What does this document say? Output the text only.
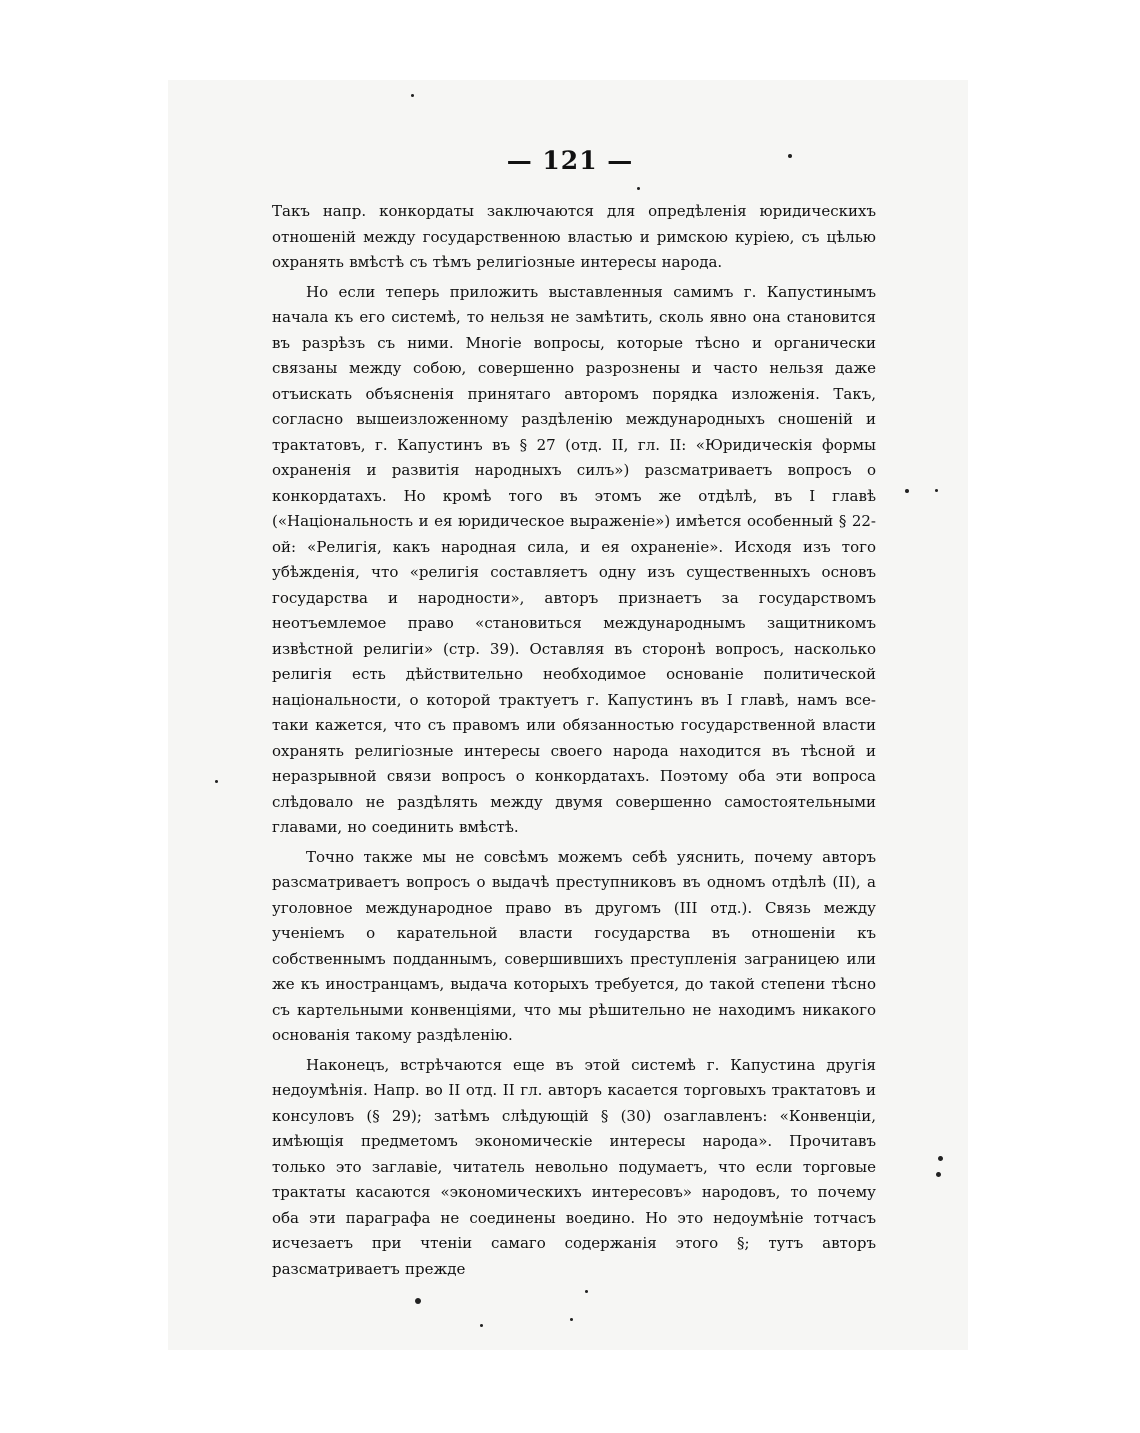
— 121 —

Такъ напр. конкордаты заключаются для опредѣленія юридическихъ отношеній между государственною властью и римскою куріею, съ цѣлью охранять вмѣстѣ съ тѣмъ религіозные интересы народа.

Но если теперь приложить выставленныя самимъ г. Капустинымъ начала къ его системѣ, то нельзя не замѣтить, сколь явно она становится въ разрѣзъ съ ними. Многіе вопросы, которые тѣсно и органически связаны между собою, совершенно разрознены и часто нельзя даже отъискать объясненія принятаго авторомъ порядка изложенія. Такъ, согласно вышеизложенному раздѣленію международныхъ сношеній и трактатовъ, г. Капустинъ въ § 27 (отд. II, гл. II: «Юридическія формы охраненія и развитія народныхъ силъ») разсматриваетъ вопросъ о конкордатахъ. Но кромѣ того въ этомъ же отдѣлѣ, въ I главѣ («Національность и ея юридическое выраженіе») имѣется особенный § 22-ой: «Религія, какъ народная сила, и ея охраненіе». Исходя изъ того убѣжденія, что «религія составляетъ одну изъ существенныхъ основъ государства и народности», авторъ признаетъ за государствомъ неотъемлемое право «становиться международнымъ защитникомъ извѣстной религіи» (стр. 39). Оставляя въ сторонѣ вопросъ, насколько религія есть дѣйствительно необходимое основаніе политической національности, о которой трактуетъ г. Капустинъ въ I главѣ, намъ все-таки кажется, что съ правомъ или обязанностью государственной власти охранять религіозные интересы своего народа находится въ тѣсной и неразрывной связи вопросъ о конкордатахъ. Поэтому оба эти вопроса слѣдовало не раздѣлять между двумя совершенно самостоятельными главами, но соединить вмѣстѣ.

Точно также мы не совсѣмъ можемъ себѣ уяснить, почему авторъ разсматриваетъ вопросъ о выдачѣ преступниковъ въ одномъ отдѣлѣ (II), а уголовное международное право въ другомъ (III отд.). Связь между ученіемъ о карательной власти государства въ отношеніи къ собственнымъ подданнымъ, совершившихъ преступленія заграницею или же къ иностранцамъ, выдача которыхъ требуется, до такой степени тѣсно съ картельными конвенціями, что мы рѣшительно не находимъ никакого основанія такому раздѣленію.

Наконецъ, встрѣчаются еще въ этой системѣ г. Капустина другія недоумѣнія. Напр. во II отд. II гл. авторъ касается торговыхъ трактатовъ и консуловъ (§ 29); затѣмъ слѣдующій § (30) озаглавленъ: «Конвенціи, имѣющія предметомъ экономическіе интересы народа». Прочитавъ только это заглавіе, читатель невольно подумаетъ, что если торговые трактаты касаются «экономическихъ интересовъ» народовъ, то почему оба эти параграфа не соединены воедино. Но это недоумѣніе тотчасъ исчезаетъ при чтеніи самаго содержанія этого §; тутъ авторъ разсматриваетъ прежде
